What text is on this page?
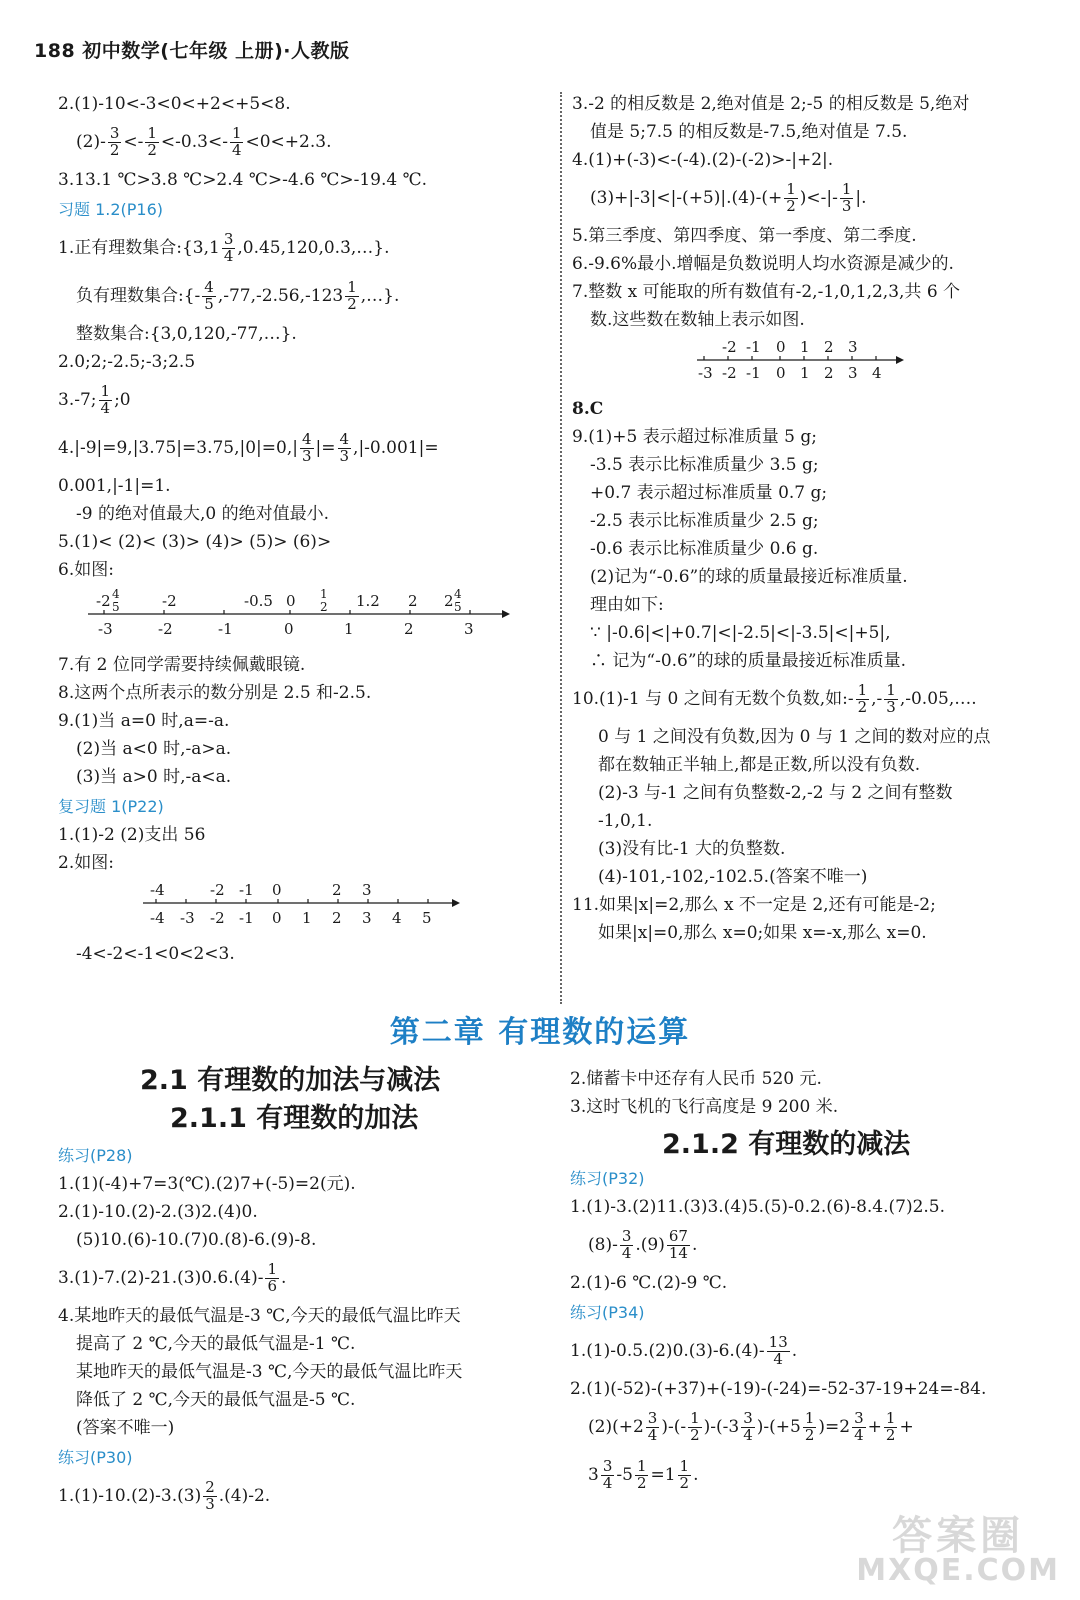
188 初中数学(七年级 上册)·人教版
2.(1)-10<-3<0<+2<+5<8.
$(2)- \frac{3}{2} <- \frac{1}{2} <-0.3<- \frac{1}{4} <0<+2.3$.
3.13.1 ℃>3.8 ℃>2.4 ℃>-4.6 ℃>-19.4 ℃.
习题 1.2(P16)
1.正有理数集合:{3,1 $\frac{3}{4}$ ,0.45,120,0.3̇,…}.
负有理数集合:{- $\frac{4}{5} ,-77,-2.56,-123 \frac{1}{2}$ ,…}.
整数集合:{3,0,120,-77,…}.
2.0;2;-2.5;-3;2.5
3.-7; $\frac{1}{4}$ ;0
$4.|-9|=9,|3.75|=3.75,|0|=0,| \frac{4}{3}$ |= $\frac{4}{3} ,|-0.001|=$
0.001,|-1|=1.
-9 的绝对值最大,0 的绝对值最小.
5.(1)< (2)< (3)> (4)> (5)> (6)>
6.如图:
-2 4
5	-2	-0.5 0 1
2 1.2 2 2 4
5
-3	-2	-1	0	1	2	3
7.有 2 位同学需要持续佩戴眼镜.
8.这两个点所表示的数分别是 2.5 和-2.5.
9.(1)当 a=0 时,a=-a.
(2)当 a<0 时,-a>a.
(3)当 a>0 时,-a<a.
复习题 1(P22)
1.(1)-2 (2)支出 56
2.如图:
-4	-2 -1 0	2 3
-4 -3 -2 -1 0 1 2 3 4 5
-4<-2<-1<0<2<3.
3.-2 的相反数是 2,绝对值是 2;-5 的相反数是 5,绝对
值是 5;7.5 的相反数是-7.5,绝对值是 7.5.
4.(1)+(-3)<-(-4).(2)-(-2)>-|+2|.
$(3)+|-3|<|-(+5)|.(4)-(+ \frac{1}{2}$ )<-|- $\frac{1}{3}$ |.
5.第三季度、第四季度、第一季度、第二季度.
6.-9.6%最小.增幅是负数说明人均水资源是减少的.
7.整数 x 可能取的所有数值有-2,-1,0,1,2,3,共 6 个
数.这些数在数轴上表示如图.
-2 -1 0 1 2 3
-3 -2 -1 0 1 2 3 4
8.C
9.(1)+5 表示超过标准质量 5 g;
-3.5 表示比标准质量少 3.5 g;
+0.7 表示超过标准质量 0.7 g;
-2.5 表示比标准质量少 2.5 g;
-0.6 表示比标准质量少 0.6 g.
(2)记为“-0.6”的球的质量最接近标准质量.
理由如下:
∵ |-0.6|<|+0.7|<|-2.5|<|-3.5|<|+5|,
∴ 记为“-0.6”的球的质量最接近标准质量.
10.(1)-1 与 0 之间有无数个负数,如:- $\frac{1}{2}$ ,- $\frac{1}{3}$ ,-0.05,….
0 与 1 之间没有负数,因为 0 与 1 之间的数对应的点
都在数轴正半轴上,都是正数,所以没有负数.
(2)-3 与-1 之间有负整数-2,-2 与 2 之间有整数
-1,0,1.
(3)没有比-1 大的负整数.
(4)-101,-102,-102.5.(答案不唯一)
11.如果|x|=2,那么 x 不一定是 2,还有可能是-2;
如果|x|=0,那么 x=0;如果 x=-x,那么 x=0.
第二章 有理数的运算
2.1 有理数的加法与减法
2.1.1 有理数的加法
练习(P28)
1.(1)(-4)+7=3(℃).(2)7+(-5)=2(元).
2.(1)-10.(2)-2.(3)2.(4)0.
(5)10.(6)-10.(7)0.(8)-6.(9)-8.
$3.(1)-7.(2)-21.(3)0.6.(4)- \frac{1}{6}$ .
4.某地昨天的最低气温是-3 ℃,今天的最低气温比昨天
提高了 2 ℃,今天的最低气温是-1 ℃.
某地昨天的最低气温是-3 ℃,今天的最低气温比昨天
降低了 2 ℃,今天的最低气温是-5 ℃.
(答案不唯一)
练习(P30)
$1.(1)-10.(2)-3.(3) \frac{2}{3} .(4)-2$.
2.储蓄卡中还存有人民币 520 元.
3.这时飞机的飞行高度是 9 200 米.
2.1.2 有理数的减法
练习(P32)
1.(1)-3.(2)11.(3)3.(4)5.(5)-0.2.(6)-8.4.(7)2.5.
$(8)- \frac{3}{4} .(9) \frac{67}{14}$ .
2.(1)-6 ℃.(2)-9 ℃.
练习(P34)
$1.(1)-0.5.(2)0.(3)-6.(4)- \frac{13}{4}$ .
2.(1)(-52)-(+37)+(-19)-(-24)=-52-37-19+24=-84.
$(2)(+2 \frac{3}{4}$ )-(- $\frac{1}{2} )-(-3 \frac{3}{4} )-(+5 \frac{1}{2} )=2 \frac{3}{4} + \frac{1}{2}$ +
$3 \frac{3}{4} -5 \frac{1}{2} =1 \frac{1}{2}$ .
答案圈
MXQE.COM
